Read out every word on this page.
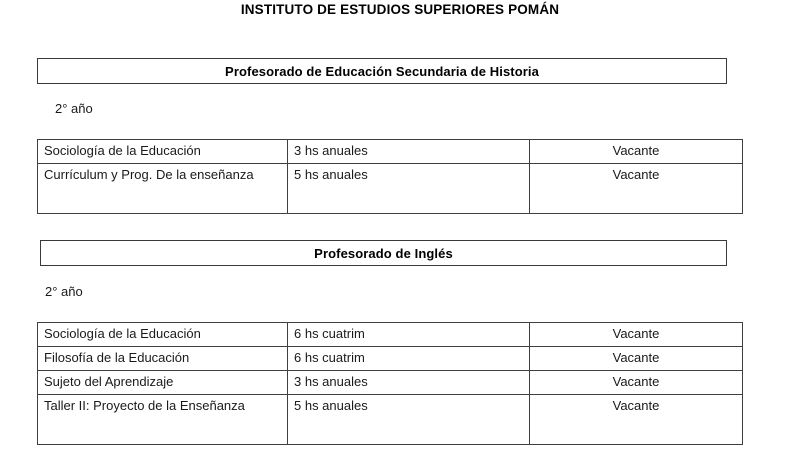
INSTITUTO DE ESTUDIOS SUPERIORES POMÁN
Profesorado de Educación Secundaria de Historia
2° año
Sociología de la Educación	3 hs anuales	Vacante
Currículum y Prog. De la enseñanza	5 hs anuales	Vacante
Profesorado de Inglés
2° año
Sociología de la Educación	6 hs cuatrim	Vacante
Filosofía de la Educación	6 hs cuatrim	Vacante
Sujeto del Aprendizaje	3 hs anuales	Vacante
Taller II: Proyecto de la Enseñanza	5 hs anuales	Vacante
